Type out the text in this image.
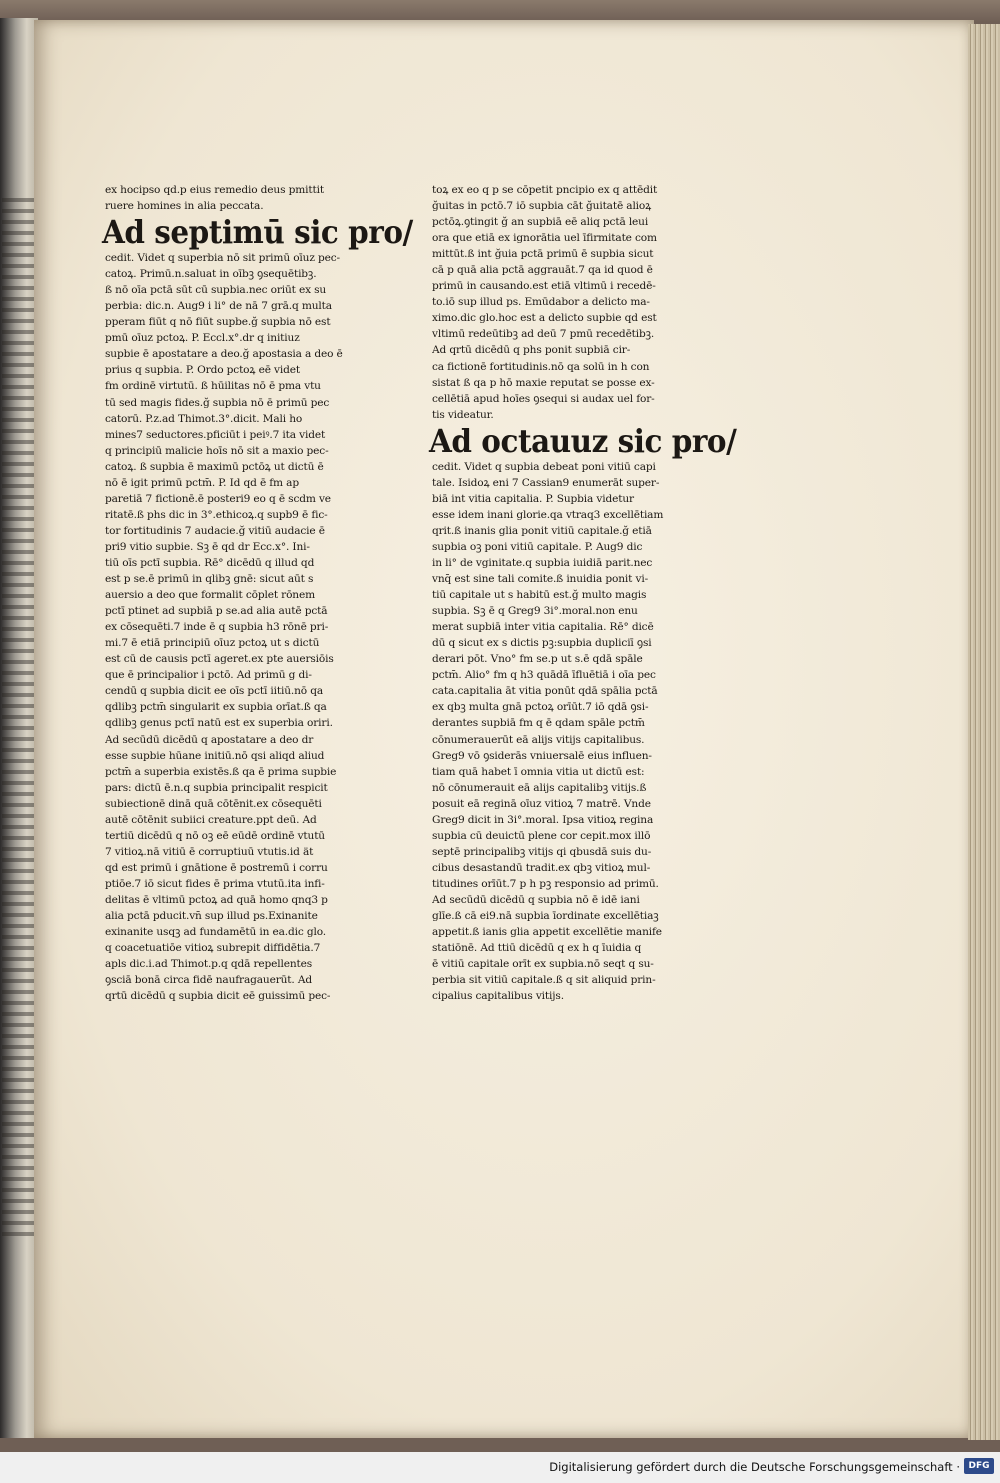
ex hocipso qd.p eius remedio deus pmittit
ruere homines in alia peccata.
Ad septimū sic pro/
cedit. Videt q superbia nō sit primū oīuz pec-
catoꝝ. Primū.n.saluat in oībꝫ ꝯsequētibꝫ.
ß nō oīa pctā sūt cū supbia.nec oriūt ex su
perbia: dic.n. Aug9 i li° de nā 7 grā.q multa
pperam fiūt q nō fiūt supbe.ğ supbia nō est
pmū oīuz pctoꝝ. P. Eccl.x°.dr q initiuz
supbie ē apostatare a deo.ğ apostasia a deo ē
prius q supbia. P. Ordo pctoꝝ eē videt
fm ordinē virtutū. ß hūilitas nō ē pma vtu
tū sed magis fides.ğ supbia nō ē primū pec
catorū. P.z.ad Thimot.3°.dicit. Mali ho
mines7 seductores.pficiūt i peiꝰ.7 ita videt
q principiū malicie hoīs nō sit a maxio pec-
catoꝝ. ß supbia ē maximū pctōꝝ ut dictū ē
nō ē igit primū pctm̄. P. Id qd ē fm ap
paretiā 7 fictionē.ē posteri9 eo q ē scdm ve
ritatē.ß phs dic in 3°.ethicoꝝ.q supb9 ē fic-
tor fortitudinis 7 audacie.ğ vitiū audacie ē
pri9 vitio supbie. Sꝫ ē qd dr Ecc.x°. Ini-
tiū oīs pctī supbia. Rē° dicēdū q illud qd
est p se.ē primū in qlibꝫ gnē: sicut aūt s
auersio a deo que formalit cōplet rōnem
pctī ptinet ad supbiā p se.ad alia autē pctā
ex cōsequēti.7 inde ē q supbia h3 rōnē pri-
mi.7 ē etiā principiū oīuz pctoꝝ ut s dictū
est cū de causis pctī ageret.ex pte auersiōis
que ē principalior i pctō. Ad primū g di-
cendū q supbia dicit ee oīs pctī iitiū.nō qa
qdlibꝫ pctm̄ singularit ex supbia orīat.ß qa
qdlibꝫ genus pctī natū est ex superbia oriri.
Ad secūdū dicēdū q apostatare a deo dr
esse supbie hūane initiū.nō qsi aliqd aliud
pctm̄ a superbia existēs.ß qa ē prima supbie
pars: dictū ē.n.q supbia principalit respicit
subiectionē dinā quā cōtēnit.ex cōsequēti
autē cōtēnit subiici creature.ppt deū. Ad
tertiū dicēdū q nō oꝫ eē eūdē ordinē vtutū
7 vitioꝝ.nā vitiū ē corruptiuū vtutis.id ät
qd est primū i gnātione ē postremū i corru
ptiōe.7 iō sicut fides ē prima vtutū.ita infi-
delitas ē vltimū pctoꝝ ad quā homo qnq3 p
alia pctā pducit.vn̄ sup illud ps.Exinanite
exinanite usqꝫ ad fundamētū in ea.dic glo.
q coacetuatiōe vitioꝝ subrepit diffidētia.7
apls dic.i.ad Thimot.p.q qdā repellentes
ꝯsciā bonā circa fidē naufragauerūt. Ad
qrtū dicēdū q supbia dicit eē guissimū pec-
toꝝ ex eo q p se cōpetit pncipio ex q attēdit
ğuitas in pctō.7 iō supbia cāt ğuitatē alioꝝ
pctōꝝ.ꝯtingit ğ an supbiā eē aliq pctā leui
ora que etiā ex ignorātia uel īfirmitate com
mittūt.ß int ğuia pctā primū ē supbia sicut
cā p quā alia pctā aggrauāt.7 qa id quod ē
primū in causando.est etiā vltimū i recedē-
to.iō sup illud ps. Emūdabor a delicto ma-
ximo.dic glo.hoc est a delicto supbie qd est
vltimū redeūtibꝫ ad deū 7 pmū recedētibꝫ.
Ad qrtū dicēdū q phs ponit supbiā cir-
ca fictionē fortitudinis.nō qa solū in h con
sistat ß qa p hō maxie reputat se posse ex-
cellētiā apud hoīes ꝯsequi si audax uel for-
tis videatur.
Ad octauuz sic pro/
cedit. Videt q supbia debeat poni vitiū capi
tale. Isidoꝝ eni 7 Cassian9 enumerāt super-
biā int vitia capitalia. P. Supbia videtur
esse idem inani glorie.qa vtraq3 excellētiam
qrit.ß inanis glia ponit vitiū capitale.ğ etiā
supbia oꝫ poni vitiū capitale. P. Aug9 dic
in li° de vginitate.q supbia iuidiā parit.nec
vnq̄ est sine tali comite.ß inuidia ponit vi-
tiū capitale ut s habitū est.ğ multo magis
supbia. Sꝫ ē q Greg9 3i°.moral.non enu
merat supbiā inter vitia capitalia. Rē° dicē
dū q sicut ex s dictis pꝫ:supbia dupliciī ꝯsi
derari pōt. Vno° fm se.p ut s.ē qdā spāle
pctm̄. Alio° fm q h3 quādā īfluētiā i oīa pec
cata.capitalia āt vitia ponūt qdā spālia pctā
ex qbꝫ multa gnā pctoꝝ orīūt.7 iō qdā ꝯsi-
derantes supbiā fm q ē qdam spāle pctm̄
cōnumerauerūt eā alijs vitijs capitalibus.
Greg9 vō ꝯsiderās vniuersalē eius influen-
tiam quā habet ī omnia vitia ut dictū est:
nō cōnumerauit eā alijs capitalibꝫ vitijs.ß
posuit eā reginā oīuz vitioꝝ 7 matrē. Vnde
Greg9 dicit in 3i°.moral. Ipsa vitioꝝ regina
supbia cū deuictū plene cor cepit.mox illō
septē principalibꝫ vitijs qi qbusdā suis du-
cibus desastandū tradit.ex qbꝫ vitioꝝ mul-
titudines orīūt.7 p h pꝫ responsio ad primū.
Ad secūdū dicēdū q supbia nō ē idē iani
glīe.ß cā ei9.nā supbia īordinate excellētiaꝫ
appetit.ß ianis glia appetit excellētie manife
statiōnē. Ad ttiū dicēdū q ex h q īuidia q
ē vitiū capitale orīt ex supbia.nō seqt q su-
perbia sit vitiū capitale.ß q sit aliquid prin-
cipalius capitalibus vitijs.
Digitalisierung gefördert durch die Deutsche Forschungsgemeinschaft · DFG
